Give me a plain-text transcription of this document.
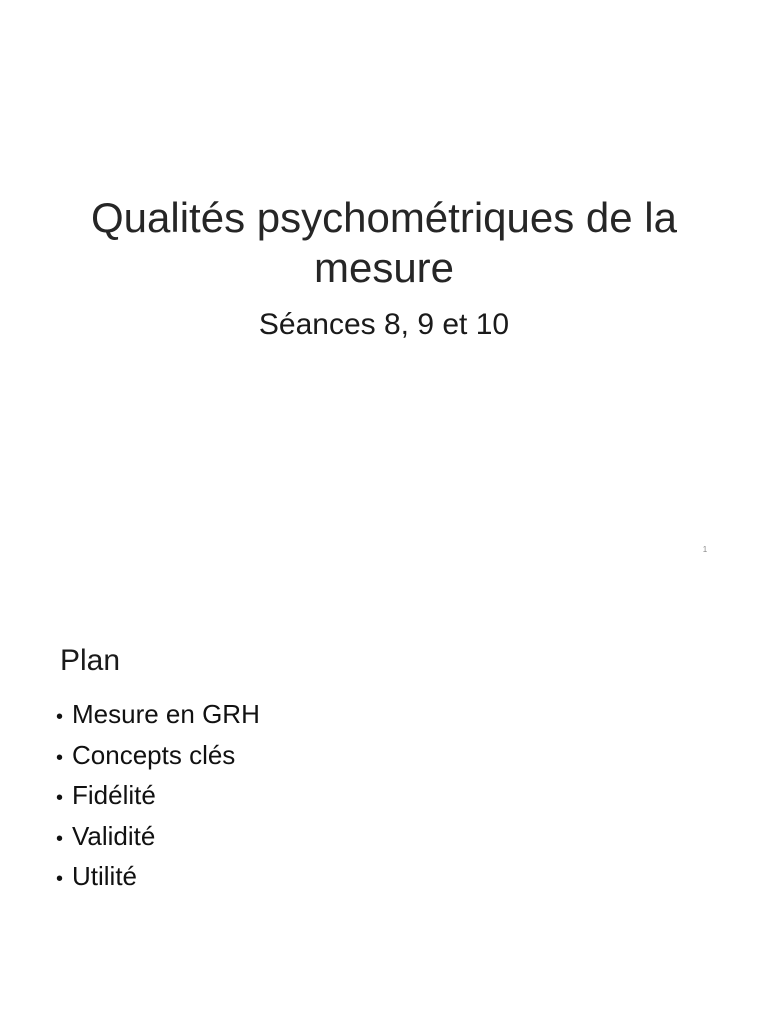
Qualités psychométriques de la mesure
Séances 8, 9 et 10
1
Plan
• Mesure en GRH
• Concepts clés
• Fidélité
• Validité
• Utilité
